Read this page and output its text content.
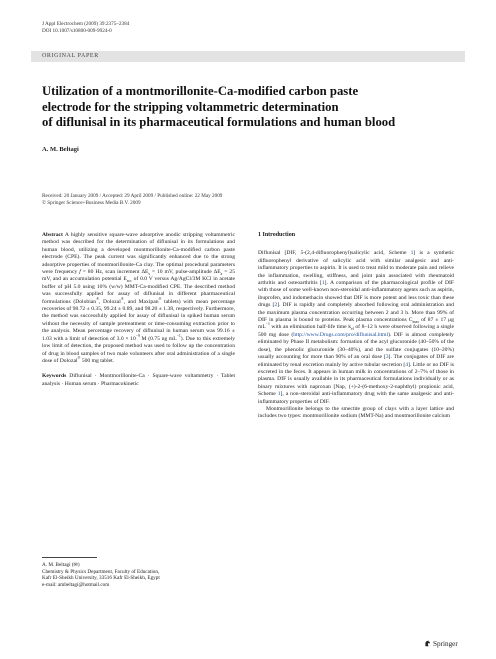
J Appl Electrochem (2009) 39:2375–2384
DOI 10.1007/s10800-009-9924-0
ORIGINAL PAPER
Utilization of a montmorillonite-Ca-modified carbon paste
electrode for the stripping voltammetric determination
of diflunisal in its pharmaceutical formulations and human blood
A. M. Beltagi
Received: 20 January 2009 / Accepted: 29 April 2009 / Published online: 22 May 2009
© Springer Science+Business Media B.V. 2009

Abstract A highly sensitive square-wave adsorptive anodic stripping voltammetric method was described for the determination of diflunisal in its formulations and human blood, utilizing a developed montmorillonite-Ca-modified carbon paste electrode (CPE). The peak current was significantly enhanced due to the strong adsorptive properties of montmorillonite-Ca clay. The optimal procedural parameters were frequency f = 80 Hz, scan increment $\Delta E_s = 10$ mV, pulse-amplitude $\Delta E_a = 25$ mV, and an accumulation potential $E_{acc}$ of 0.0 V versus Ag/AgCl/3M KCl in acetate buffer of pH 5.0 using 10% (w/w) MMT-Ca-modified CPE. The described method was successfully applied for assay of diflunisal in different pharmaceutical formulations (Dolobian®, Dolozal®, and Maxipan® tablets) with mean percentage recoveries of 98.72 ± 0.35, 99.24 ± 0.89, and 98.20 ± 1.38, respectively. Furthermore, the method was successfully applied for assay of diflunisal in spiked human serum without the necessity of sample pretreatment or time-consuming extraction prior to the analysis. Mean percentage recovery of diflunisal in human serum was 99.16 ± 1.03 with a limit of detection of $3.0 \times 10^{-9}$ M (0.75 ng $mL^{-1}$). Due to this extremely low limit of detection, the proposed method was used to follow up the concentration of drug in blood samples of two male volunteers after oral administration of a single dose of Dolozal® 500 mg tablet.

Keywords Diflunisal · Montmorillonite-Ca · Square-wave voltammetry · Tablet analysis · Human serum · Pharmacokinetic

A. M. Beltagi (✉)
Chemistry & Physics Department, Faculty of Education,
Kafr El-Sheikh University, 33516 Kafr El-Sheikh, Egypt
e-mail: ambeltagi@hotmail.com
1 Introduction

Diflunisal [DIF, 5-(2,4-difluorophenyl)salicylic acid, Scheme 1] is a synthetic difluorophenyl derivative of salicylic acid with similar analgesic and anti-inflammatory properties to aspirin. It is used to treat mild to moderate pain and relieve the inflammation, swelling, stiffness, and joint pain associated with rheumatoid arthritis and osteoarthritis [1]. A comparison of the pharmacological profile of DIF with those of some well-known non-steroidal anti-inflammatory agents such as aspirin, ibuprofen, and indomethacin showed that DIF is more potent and less toxic than these drugs [2]. DIF is rapidly and completely absorbed following oral administration and the maximum plasma concentration occurring between 2 and 3 h. More than 99% of DIF in plasma is bound to proteins. Peak plasma concentrations $C_{max}$ of 87 ± 17 μg $mL^{-1}$ with an elimination half-life time $k_{el}$ of 8–12 h were observed following a single 500 mg dose (http://www.Drugs.com/pro/diflunisal.html). DIF is almost completely eliminated by Phase II metabolism: formation of the acyl glucuronide (40–50% of the dose), the phenolic glucuronide (30–40%), and the sulfate conjugates (10–20%) usually accounting for more than 90% of an oral dose [3]. The conjugates of DIF are eliminated by renal excretion mainly by active tubular secretion [4]. Little or no DIF is excreted in the feces. It appears in human milk in concentrations of 2–7% of those in plasma. DIF is usually available in its pharmaceutical formulations individually or as binary mixtures with naproxan [Nap, (+)-2-(6-methoxy-2-naphthyl) propionic acid, Scheme 1], a non-steroidal anti-inflammatory drug with the same analgesic and anti-inflammatory properties of DIF.

Montmorillonite belongs to the smectite group of clays with a layer lattice and includes two types: montmorillonite sodium (MMT-Na) and montmorillonite calcium

Springer
